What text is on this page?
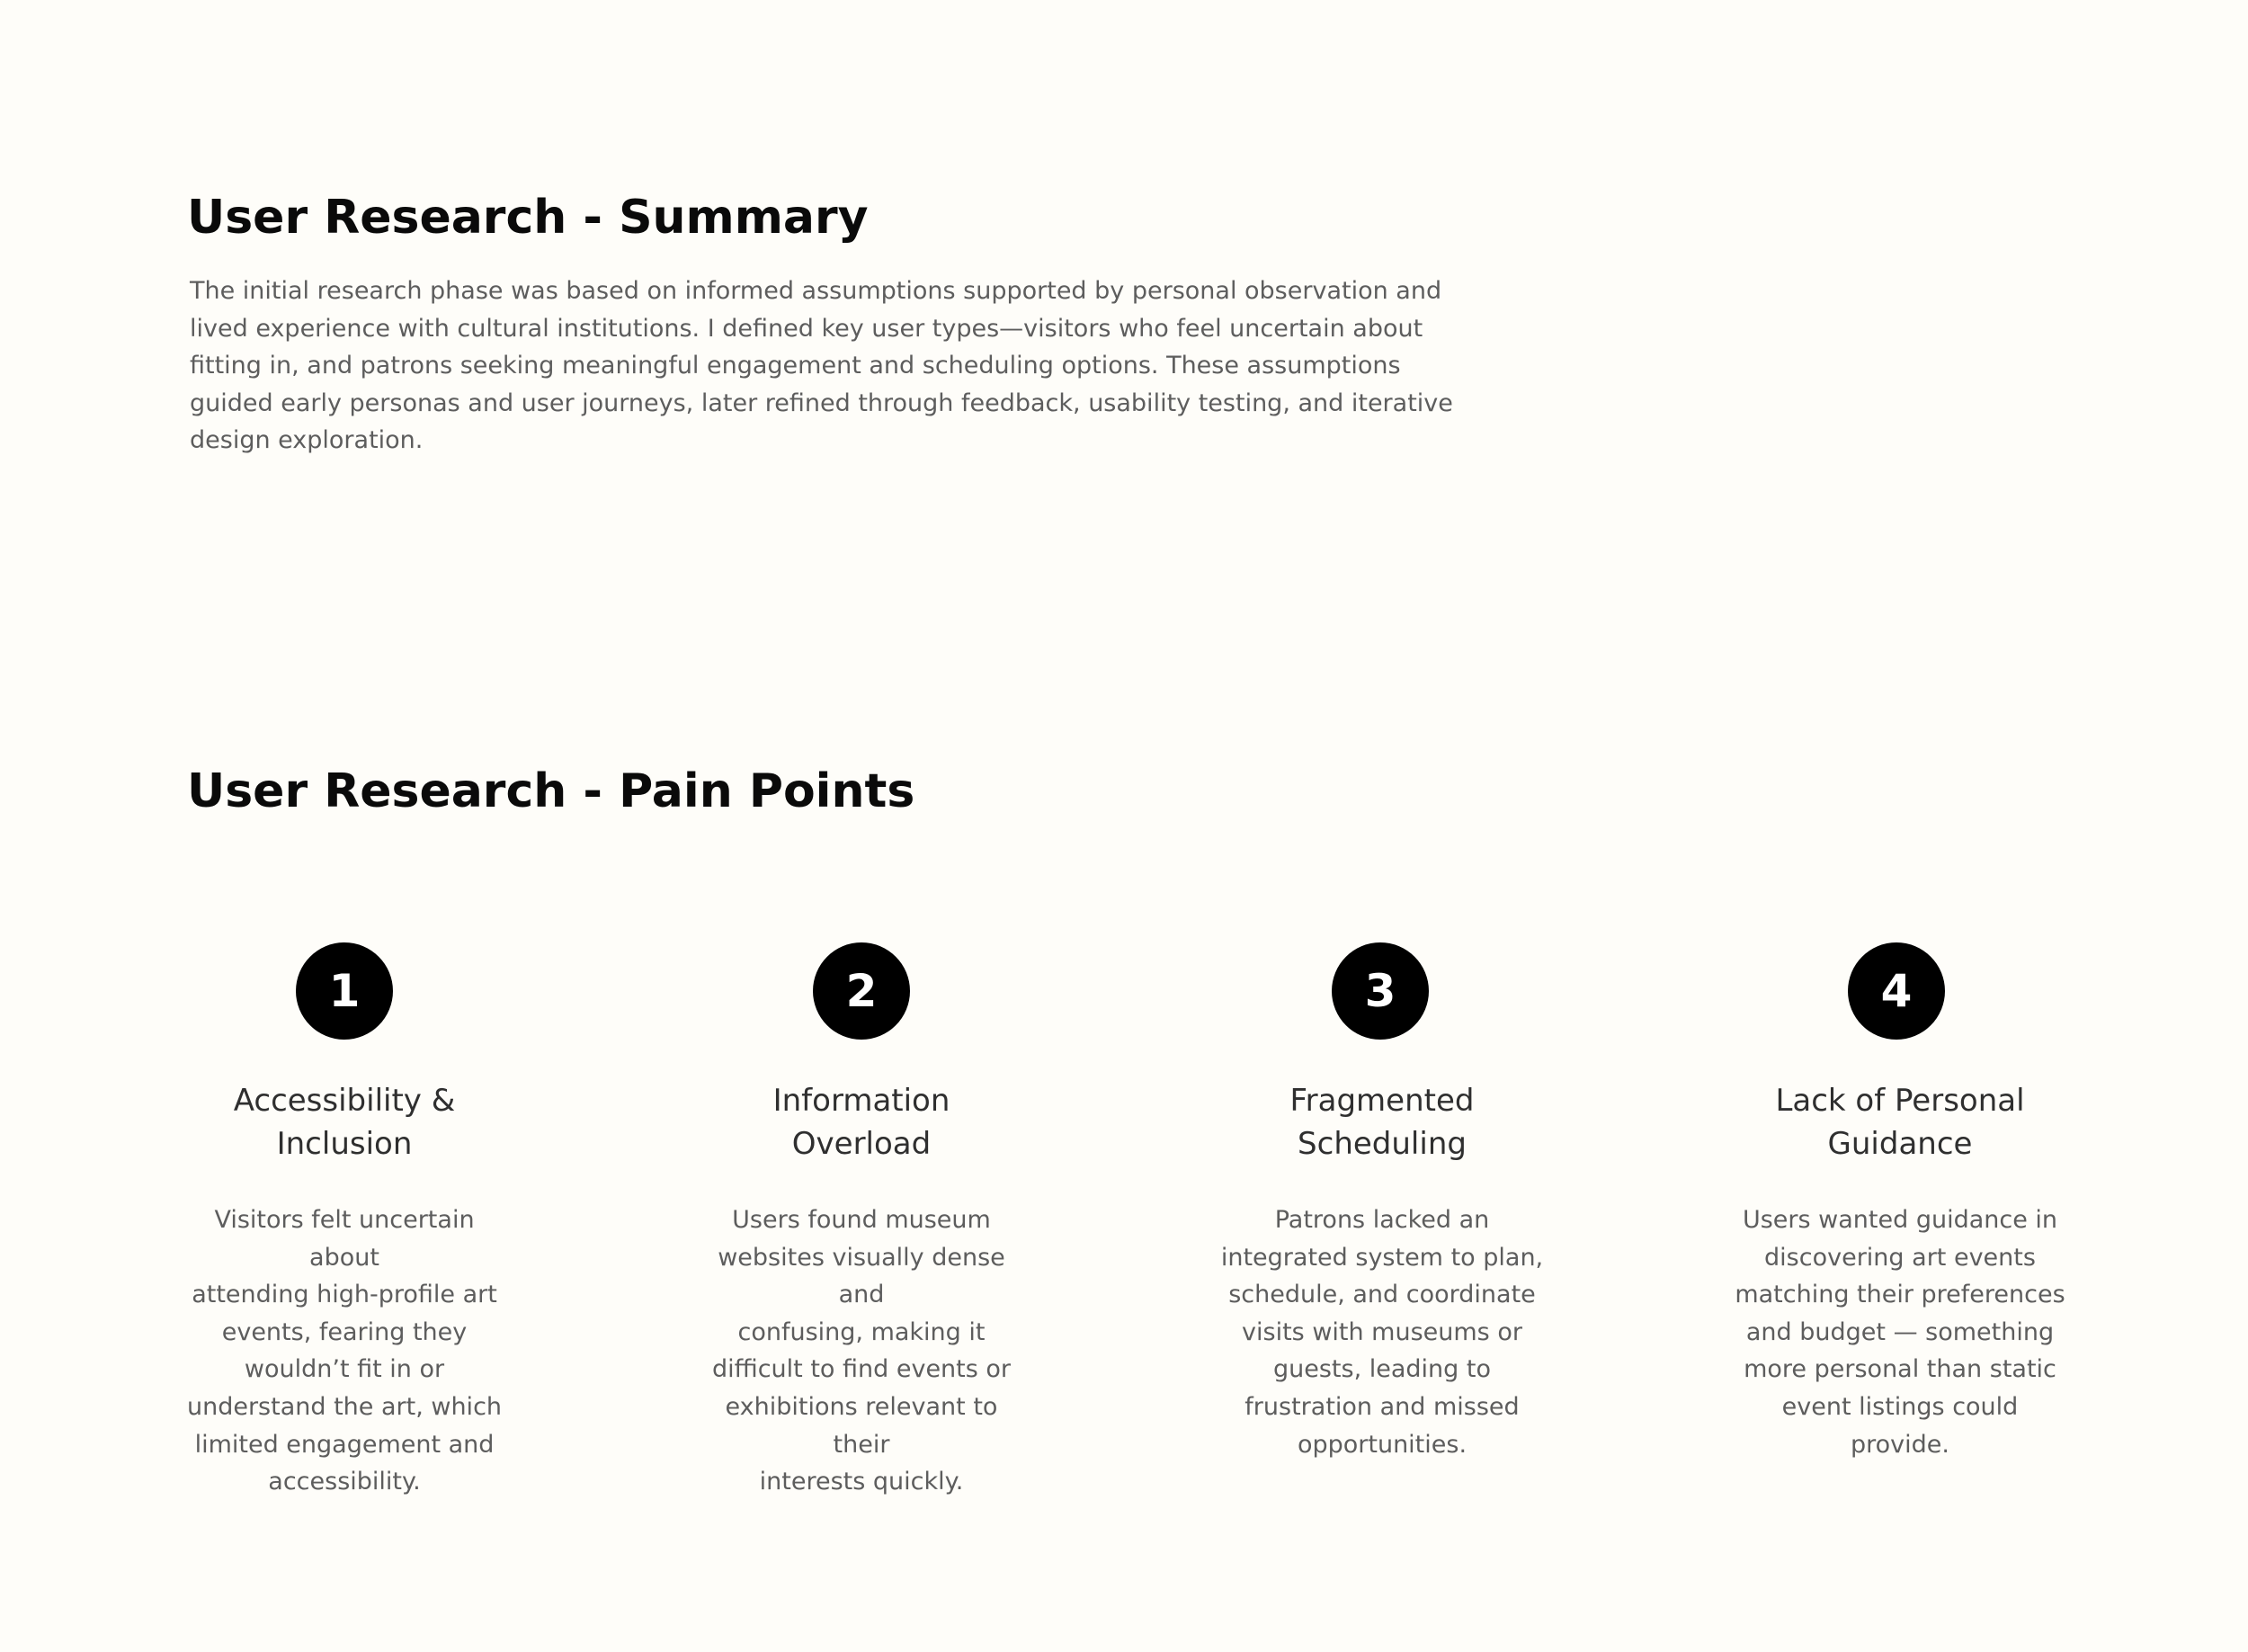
User Research - Summary

The initial research phase was based on informed assumptions supported by personal observation and lived experience with cultural institutions. I defined key user types—visitors who feel uncertain about fitting in, and patrons seeking meaningful engagement and scheduling options. These assumptions guided early personas and user journeys, later refined through feedback, usability testing, and iterative design exploration.

User Research - Pain Points
1
Accessibility &
Inclusion

Visitors felt uncertain about
attending high-profile art
events, fearing they
wouldn’t fit in or
understand the art, which
limited engagement and
accessibility.

2
Information
Overload

Users found museum
websites visually dense and
confusing, making it
difficult to find events or
exhibitions relevant to their
interests quickly.

3
Fragmented
Scheduling

Patrons lacked an
integrated system to plan,
schedule, and coordinate
visits with museums or
guests, leading to
frustration and missed
opportunities.

4
Lack of Personal
Guidance

Users wanted guidance in
discovering art events
matching their preferences
and budget — something
more personal than static
event listings could provide.
